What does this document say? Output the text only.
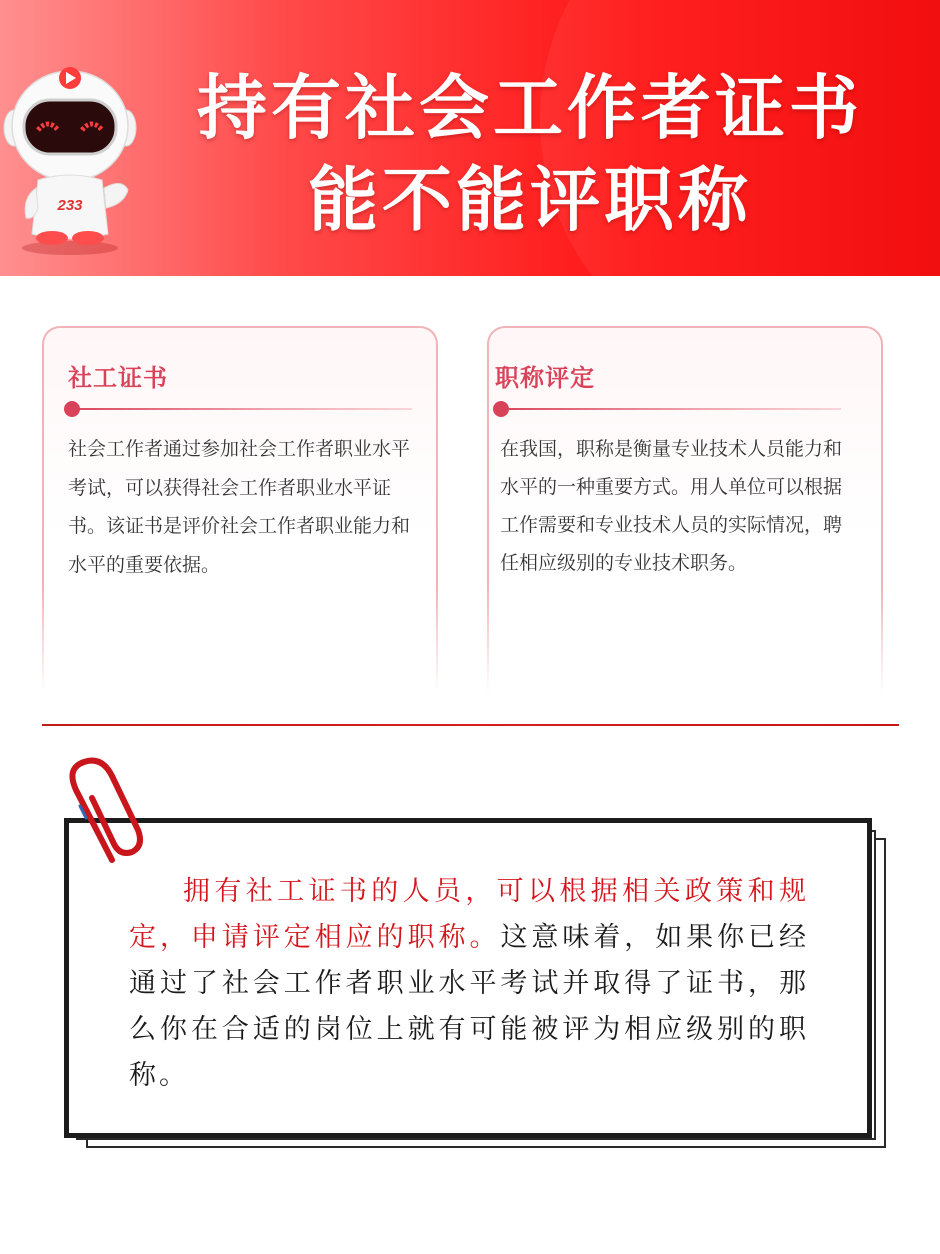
233
持有社会工作者证书
能不能评职称
社工证书
社会工作者通过参加社会工作者职业水平考试，可以获得社会工作者职业水平证书。该证书是评价社会工作者职业能力和水平的重要依据。
职称评定
在我国，职称是衡量专业技术人员能力和水平的一种重要方式。用人单位可以根据工作需要和专业技术人员的实际情况，聘任相应级别的专业技术职务。
拥有社工证书的人员，可以根据相关政策和规定，申请评定相应的职称。这意味着，如果你已经通过了社会工作者职业水平考试并取得了证书，那么你在合适的岗位上就有可能被评为相应级别的职称。
